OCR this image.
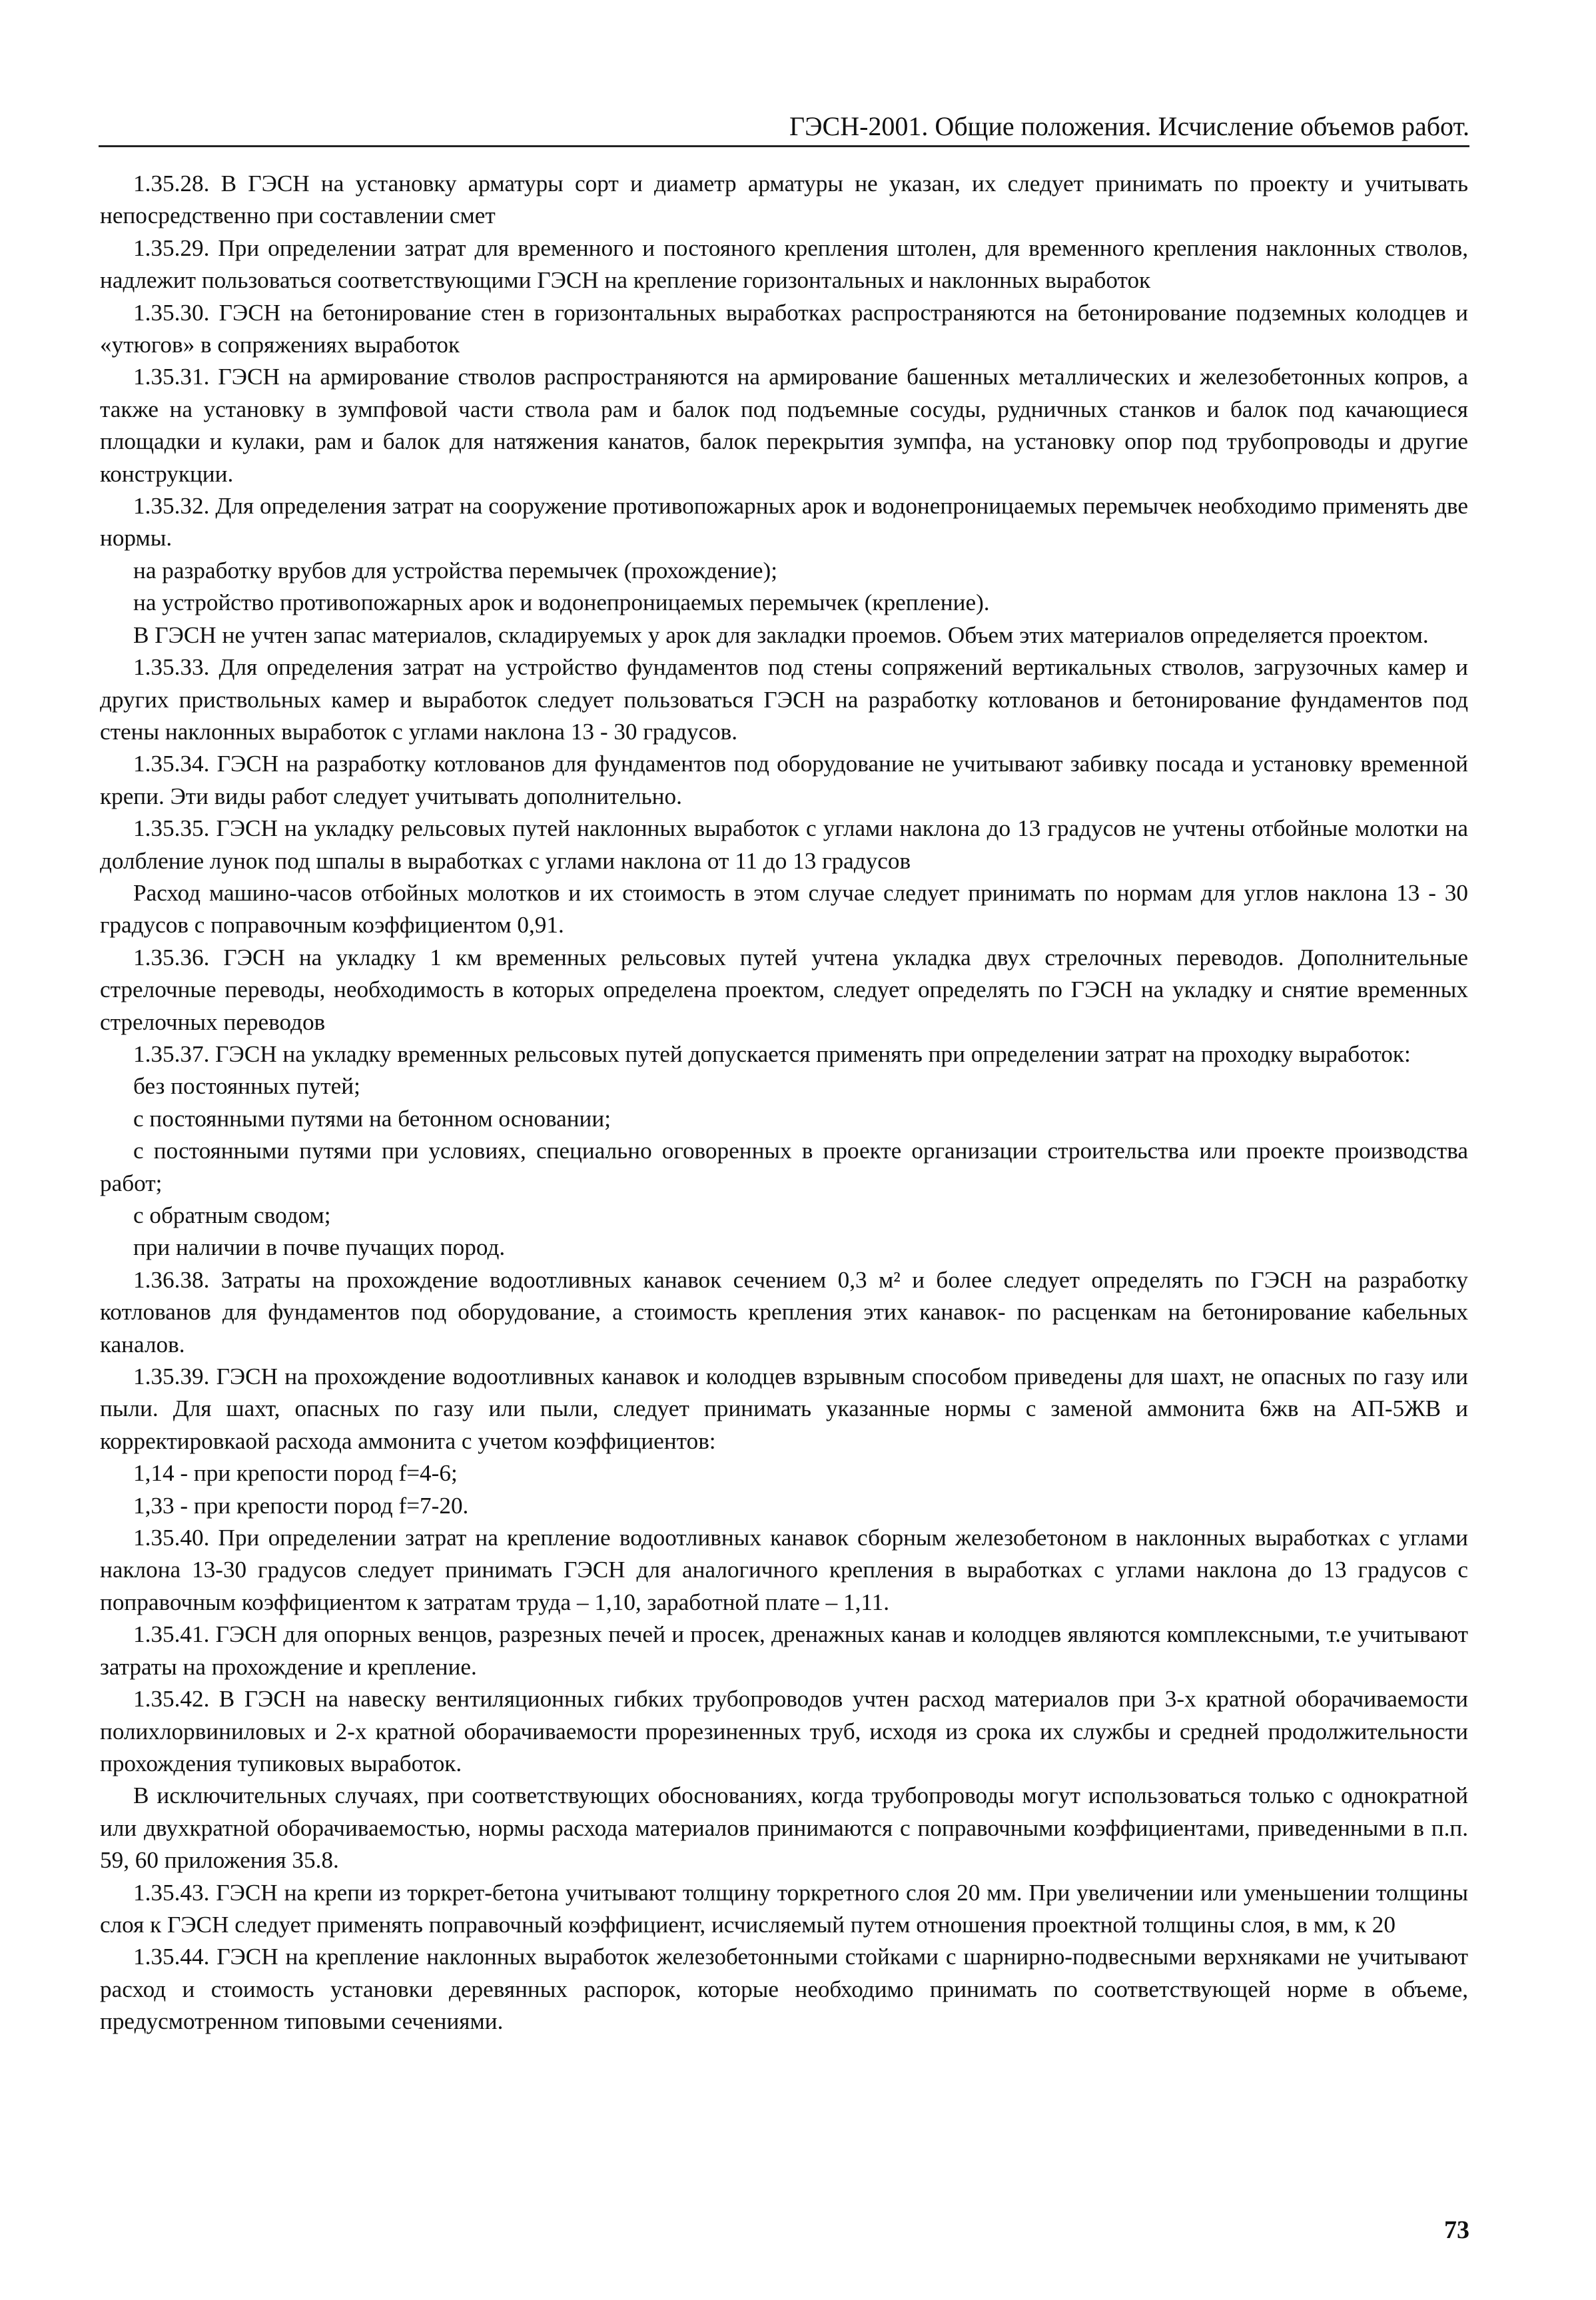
ГЭСН-2001. Общие положения. Исчисление объемов работ.

1.35.28. В ГЭСН на установку арматуры сорт и диаметр арматуры не указан, их следует принимать по проекту и учитывать непосредственно при составлении смет

1.35.29. При определении затрат для временного и постояного крепления штолен, для временного крепления наклонных стволов, надлежит пользоваться соответствующими ГЭСН на крепление горизонтальных и наклонных выработок

1.35.30. ГЭСН на бетонирование стен в горизонтальных выработках распространяются на бетонирование подземных колодцев и «утюгов» в сопряжениях выработок

1.35.31. ГЭСН на армирование стволов распространяются на армирование башенных металлических и железобетонных копров, а также на установку в зумпфовой части ствола рам и балок под подъемные сосуды, рудничных станков и балок под качающиеся площадки и кулаки, рам и балок для натяжения канатов, балок перекрытия зумпфа, на установку опор под трубопроводы и другие конструкции.

1.35.32. Для определения затрат на сооружение противопожарных арок и водонепроницаемых перемычек необходимо применять две нормы.

на разработку врубов для устройства перемычек (прохождение);

на устройство противопожарных арок и водонепроницаемых перемычек (крепление).

В ГЭСН не учтен запас материалов, складируемых у арок для закладки проемов. Объем этих материалов определяется проектом.

1.35.33. Для определения затрат на устройство фундаментов под стены сопряжений вертикальных стволов, загрузочных камер и других приствольных камер и выработок следует пользоваться ГЭСН на разработку котлованов и бетонирование фундаментов под стены наклонных выработок с углами наклона 13 - 30 градусов.

1.35.34. ГЭСН на разработку котлованов для фундаментов под оборудование не учитывают забивку посада и установку временной крепи. Эти виды работ следует учитывать дополнительно.

1.35.35. ГЭСН на укладку рельсовых путей наклонных выработок с углами наклона до 13 градусов не учтены отбойные молотки на долбление лунок под шпалы в выработках с углами наклона от 11 до 13 градусов

Расход машино-часов отбойных молотков и их стоимость в этом случае следует принимать по нормам для углов наклона 13 - 30 градусов с поправочным коэффициентом 0,91.

1.35.36. ГЭСН на укладку 1 км временных рельсовых путей учтена укладка двух стрелочных переводов. Дополнительные стрелочные переводы, необходимость в которых определена проектом, следует определять по ГЭСН на укладку и снятие временных стрелочных переводов

1.35.37. ГЭСН на укладку временных рельсовых путей допускается применять при определении затрат на проходку выработок:

без постоянных путей;

с постоянными путями на бетонном основании;

с постоянными путями при условиях, специально оговоренных в проекте организации строительства или проекте производства работ;

с обратным сводом;

при наличии в почве пучащих пород.

1.36.38. Затраты на прохождение водоотливных канавок сечением 0,3 м² и более следует определять по ГЭСН на разработку котлованов для фундаментов под оборудование, а стоимость крепления этих канавок- по расценкам на бетонирование кабельных каналов.

1.35.39. ГЭСН на прохождение водоотливных канавок и колодцев взрывным способом приведены для шахт, не опасных по газу или пыли. Для шахт, опасных по газу или пыли, следует принимать указанные нормы с заменой аммонита 6жв на АП-5ЖВ и корректировкаой расхода аммонита с учетом коэффициентов:

1,14 - при крепости пород f=4-6;

1,33 - при крепости пород f=7-20.

1.35.40. При определении затрат на крепление водоотливных канавок сборным железобетоном в наклонных выработках с углами наклона 13-30 градусов следует принимать ГЭСН для аналогичного крепления в выработках с углами наклона до 13 градусов с поправочным коэффициентом к затратам труда – 1,10, заработной плате – 1,11.

1.35.41. ГЭСН для опорных венцов, разрезных печей и просек, дренажных канав и колодцев являются комплексными, т.е учитывают затраты на прохождение и крепление.

1.35.42. В ГЭСН на навеску вентиляционных гибких трубопроводов учтен расход материалов при 3-х кратной оборачиваемости полихлорвиниловых и 2-х кратной оборачиваемости прорезиненных труб, исходя из срока их службы и средней продолжительности прохождения тупиковых выработок.

В исключительных случаях, при соответствующих обоснованиях, когда трубопроводы могут использоваться только с однократной или двухкратной оборачиваемостью, нормы расхода материалов принимаются с поправочными коэффициентами, приведенными в п.п. 59, 60 приложения 35.8.

1.35.43. ГЭСН на крепи из торкрет-бетона учитывают толщину торкретного слоя 20 мм. При увеличении или уменьшении толщины слоя к ГЭСН следует применять поправочный коэффициент, исчисляемый путем отношения проектной толщины слоя, в мм, к 20

1.35.44. ГЭСН на крепление наклонных выработок железобетонными стойками с шарнирно-подвесными верхняками не учитывают расход и стоимость установки деревянных распорок, которые необходимо принимать по соответствующей норме в объеме, предусмотренном типовыми сечениями.

73
